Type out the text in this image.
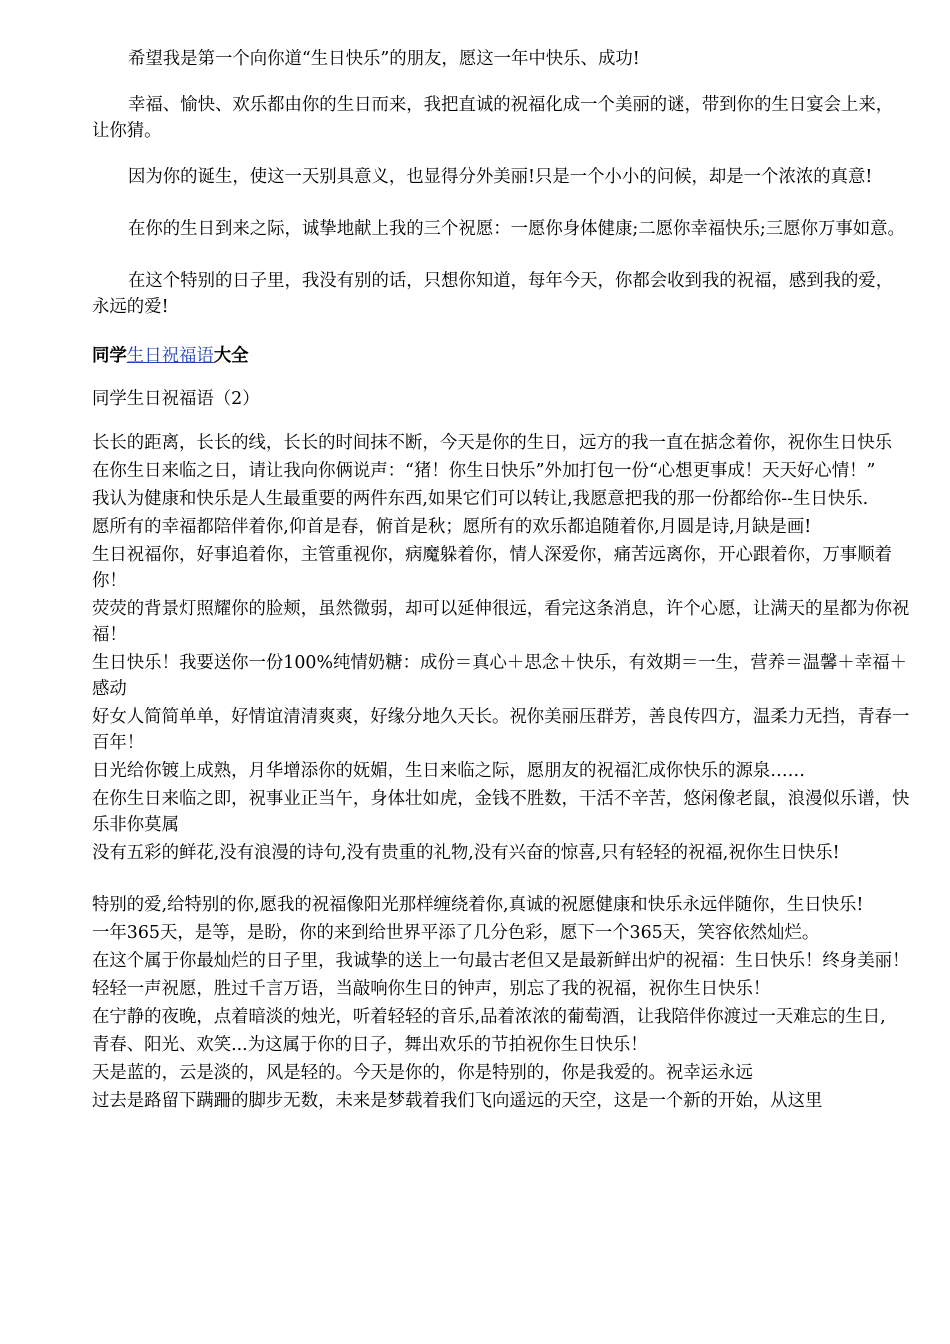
希望我是第一个向你道“生日快乐”的朋友，愿这一年中快乐、成功!

幸福、愉快、欢乐都由你的生日而来，我把直诚的祝福化成一个美丽的谜，带到你的生日宴会上来，让你猜。

因为你的诞生，使这一天别具意义，也显得分外美丽!只是一个小小的问候，却是一个浓浓的真意!

在你的生日到来之际，诚挚地献上我的三个祝愿：一愿你身体健康;二愿你幸福快乐;三愿你万事如意。

在这个特别的日子里，我没有别的话，只想你知道，每年今天，你都会收到我的祝福，感到我的爱，永远的爱!

同学生日祝福语大全

同学生日祝福语（2）

长长的距离，长长的线，长长的时间抹不断，今天是你的生日，远方的我一直在掂念着你，祝你生日快乐

在你生日来临之日，请让我向你俩说声：“猪！你生日快乐”外加打包一份“心想更事成！天天好心情！”

我认为健康和快乐是人生最重要的两件东西,如果它们可以转让,我愿意把我的那一份都给你--生日快乐.

愿所有的幸福都陪伴着你,仰首是春，俯首是秋；愿所有的欢乐都追随着你,月圆是诗,月缺是画!

生日祝福你，好事追着你，主管重视你，病魔躲着你，情人深爱你，痛苦远离你，开心跟着你，万事顺着你！

荧荧的背景灯照耀你的脸颊，虽然微弱，却可以延伸很远，看完这条消息，许个心愿，让满天的星都为你祝福！

生日快乐！我要送你一份100%纯情奶糖：成份＝真心＋思念＋快乐，有效期＝一生，营养＝温馨＋幸福＋感动

好女人简简单单，好情谊清清爽爽，好缘分地久天长。祝你美丽压群芳，善良传四方，温柔力无挡，青春一百年！

日光给你镀上成熟，月华增添你的妩媚，生日来临之际，愿朋友的祝福汇成你快乐的源泉……

在你生日来临之即，祝事业正当午，身体壮如虎，金钱不胜数，干活不辛苦，悠闲像老鼠，浪漫似乐谱，快乐非你莫属

没有五彩的鲜花,没有浪漫的诗句,没有贵重的礼物,没有兴奋的惊喜,只有轻轻的祝福,祝你生日快乐!

特别的爱,给特别的你,愿我的祝福像阳光那样缠绕着你,真诚的祝愿健康和快乐永远伴随你，生日快乐!

一年365天，是等，是盼，你的来到给世界平添了几分色彩，愿下一个365天，笑容依然灿烂。

在这个属于你最灿烂的日子里，我诚挚的送上一句最古老但又是最新鲜出炉的祝福：生日快乐！终身美丽！

轻轻一声祝愿，胜过千言万语，当敲响你生日的钟声，别忘了我的祝福，祝你生日快乐！

在宁静的夜晚，点着暗淡的烛光，听着轻轻的音乐,品着浓浓的葡萄酒，让我陪伴你渡过一天难忘的生日,

青春、阳光、欢笑...为这属于你的日子，舞出欢乐的节拍祝你生日快乐！

天是蓝的，云是淡的，风是轻的。今天是你的，你是特别的，你是我爱的。祝幸运永远

过去是路留下蹒跚的脚步无数，未来是梦载着我们飞向遥远的天空，这是一个新的开始，从这里
